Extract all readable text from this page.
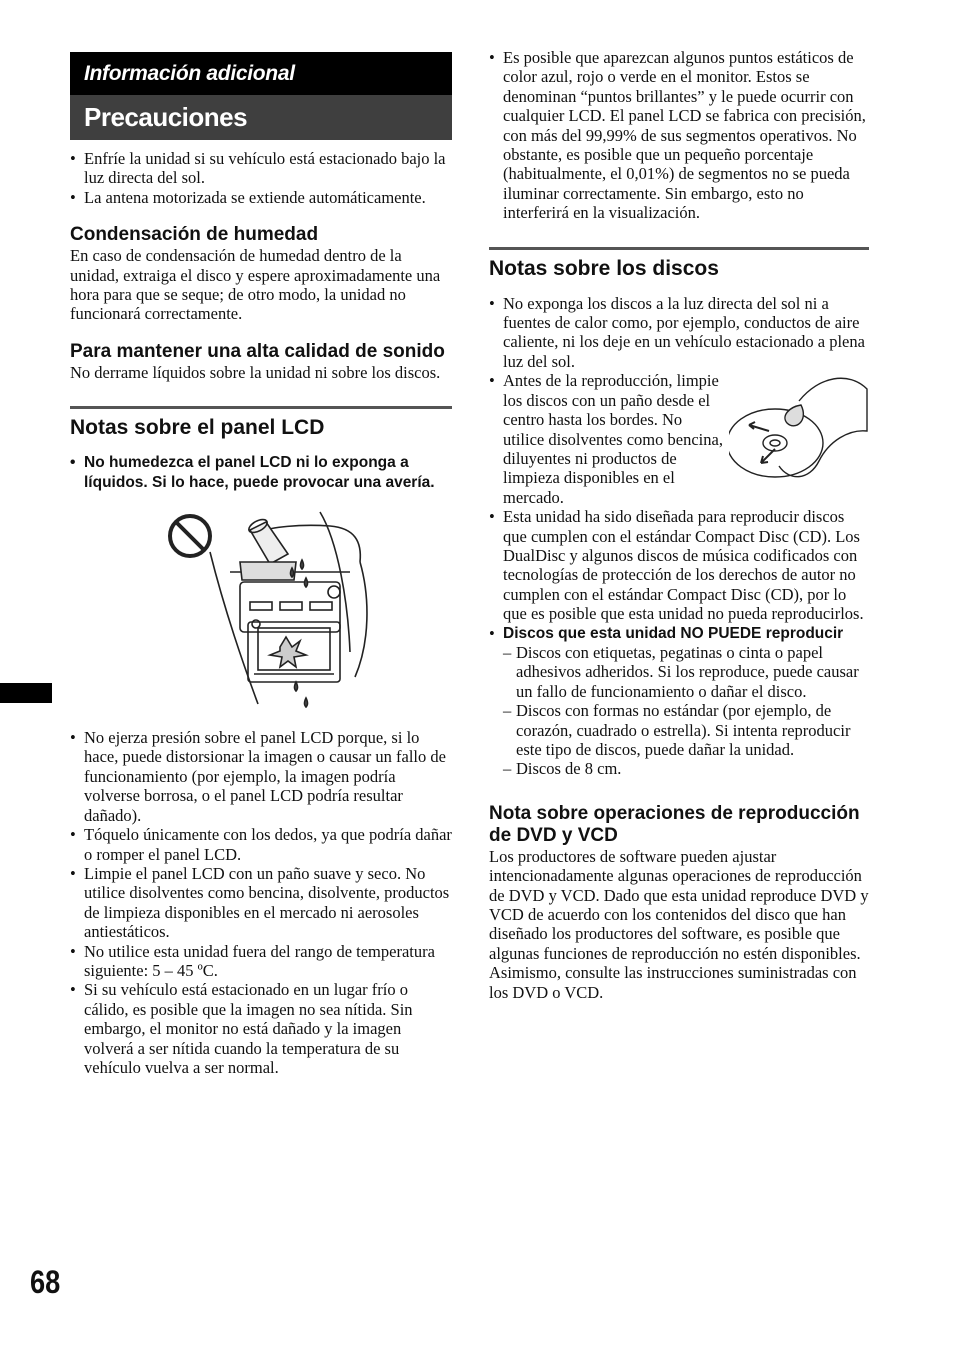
Información adicional
Precauciones
• Enfríe la unidad si su vehículo está estacionado bajo la luz directa del sol.
• La antena motorizada se extiende automáticamente.
Condensación de humedad

En caso de condensación de humedad dentro de la unidad, extraiga el disco y espere aproximadamente una hora para que se seque; de otro modo, la unidad no funcionará correctamente.

Para mantener una alta calidad de sonido

No derrame líquidos sobre la unidad ni sobre los discos.

Notas sobre el panel LCD
• No humedezca el panel LCD ni lo exponga a líquidos. Si lo hace, puede provocar una avería.
• No ejerza presión sobre el panel LCD porque, si lo hace, puede distorsionar la imagen o causar un fallo de funcionamiento (por ejemplo, la imagen podría volverse borrosa, o el panel LCD podría resultar dañado).
• Tóquelo únicamente con los dedos, ya que podría dañar o romper el panel LCD.
• Limpie el panel LCD con un paño suave y seco. No utilice disolventes como bencina, disolvente, productos de limpieza disponibles en el mercado ni aerosoles antiestáticos.
• No utilice esta unidad fuera del rango de temperatura siguiente: 5 – 45 ºC.
• Si su vehículo está estacionado en un lugar frío o cálido, es posible que la imagen no sea nítida. Sin embargo, el monitor no está dañado y la imagen volverá a ser nítida cuando la temperatura de su vehículo vuelva a ser normal.
• Es posible que aparezcan algunos puntos estáticos de color azul, rojo o verde en el monitor. Estos se denominan “puntos brillantes” y le puede ocurrir con cualquier LCD. El panel LCD se fabrica con precisión, con más del 99,99% de sus segmentos operativos. No obstante, es posible que un pequeño porcentaje (habitualmente, el 0,01%) de segmentos no se pueda iluminar correctamente. Sin embargo, esto no interferirá en la visualización.
Notas sobre los discos
• No exponga los discos a la luz directa del sol ni a fuentes de calor como, por ejemplo, conductos de aire caliente, ni los deje en un vehículo estacionado a plena luz del sol.
• Antes de la reproducción, limpie los discos con un paño desde el centro hasta los bordes. No utilice disolventes como bencina, diluyentes ni productos de limpieza disponibles en el mercado.
• Esta unidad ha sido diseñada para reproducir discos que cumplen con el estándar Compact Disc (CD). Los DualDisc y algunos discos de música codificados con tecnologías de protección de los derechos de autor no cumplen con el estándar Compact Disc (CD), por lo que es posible que esta unidad no pueda reproducirlos.
• Discos que esta unidad NO PUEDE reproducir
– Discos con etiquetas, pegatinas o cinta o papel adhesivos adheridos. Si los reproduce, puede causar un fallo de funcionamiento o dañar el disco.
– Discos con formas no estándar (por ejemplo, de corazón, cuadrado o estrella). Si intenta reproducir este tipo de discos, puede dañar la unidad.
– Discos de 8 cm.
Nota sobre operaciones de reproducción de DVD y VCD

Los productores de software pueden ajustar intencionadamente algunas operaciones de reproducción de DVD y VCD. Dado que esta unidad reproduce DVD y VCD de acuerdo con los contenidos del disco que han diseñado los productores del software, es posible que algunas funciones de reproducción no estén disponibles. Asimismo, consulte las instrucciones suministradas con los DVD o VCD.

68
